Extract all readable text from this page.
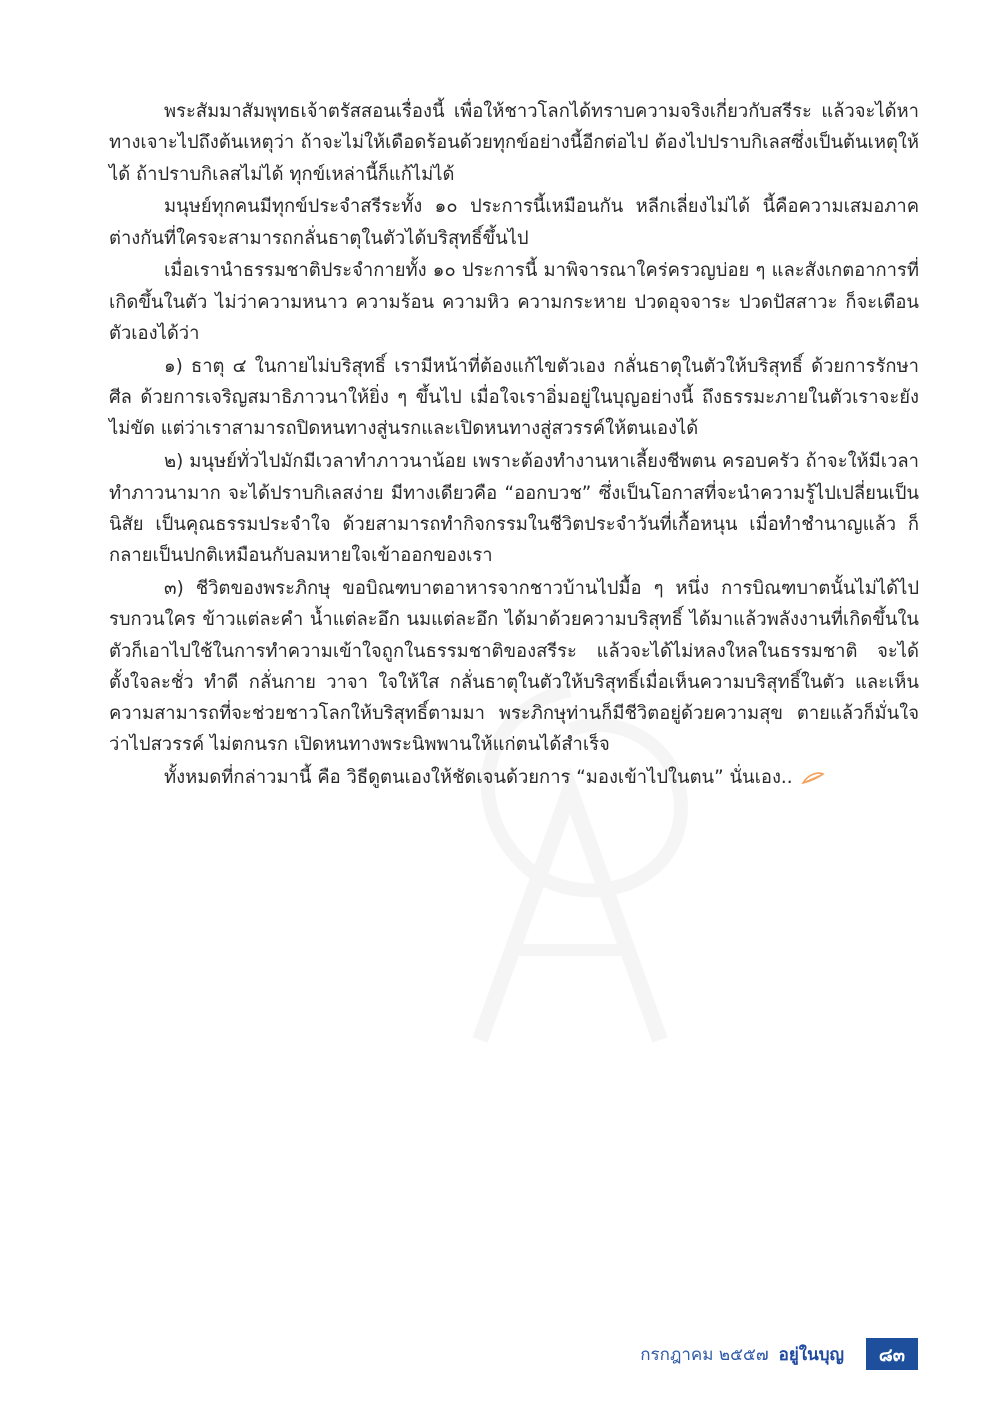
พระสัมมาสัมพุทธเจ้าตรัสสอนเรื่องนี้ เพื่อให้ชาวโลกได้ทราบความจริงเกี่ยวกับสรีระ แล้วจะได้หาทางเจาะไปถึงต้นเหตุว่า ถ้าจะไม่ให้เดือดร้อนด้วยทุกข์อย่างนี้อีกต่อไป ต้องไปปราบกิเลสซึ่งเป็นต้นเหตุให้ได้ ถ้าปราบกิเลสไม่ได้ ทุกข์เหล่านี้ก็แก้ไม่ได้

มนุษย์ทุกคนมีทุกข์ประจำสรีระทั้ง ๑๐ ประการนี้เหมือนกัน หลีกเลี่ยงไม่ได้ นี้คือความเสมอภาค ต่างกันที่ใครจะสามารถกลั่นธาตุในตัวได้บริสุทธิ์ขึ้นไป

เมื่อเรานำธรรมชาติประจำกายทั้ง ๑๐ ประการนี้ มาพิจารณาใคร่ครวญบ่อย ๆ และสังเกตอาการที่เกิดขึ้นในตัว ไม่ว่าความหนาว ความร้อน ความหิว ความกระหาย ปวดอุจจาระ ปวดปัสสาวะ ก็จะเตือนตัวเองได้ว่า

๑) ธาตุ ๔ ในกายไม่บริสุทธิ์ เรามีหน้าที่ต้องแก้ไขตัวเอง กลั่นธาตุในตัวให้บริสุทธิ์ ด้วยการรักษาศีล ด้วยการเจริญสมาธิภาวนาให้ยิ่ง ๆ ขึ้นไป เมื่อใจเราอิ่มอยู่ในบุญอย่างนี้ ถึงธรรมะภายในตัวเราจะยังไม่ขัด แต่ว่าเราสามารถปิดหนทางสู่นรกและเปิดหนทางสู่สวรรค์ให้ตนเองได้

๒) มนุษย์ทั่วไปมักมีเวลาทำภาวนาน้อย เพราะต้องทำงานหาเลี้ยงชีพตน ครอบครัว ถ้าจะให้มีเวลาทำภาวนามาก จะได้ปราบกิเลสง่าย มีทางเดียวคือ “ออกบวช” ซึ่งเป็นโอกาสที่จะนำความรู้ไปเปลี่ยนเป็นนิสัย เป็นคุณธรรมประจำใจ ด้วยสามารถทำกิจกรรมในชีวิตประจำวันที่เกื้อหนุน เมื่อทำชำนาญแล้ว ก็กลายเป็นปกติเหมือนกับลมหายใจเข้าออกของเรา

๓) ชีวิตของพระภิกษุ ขอบิณฑบาตอาหารจากชาวบ้านไปมื้อ ๆ หนึ่ง การบิณฑบาตนั้นไม่ได้ไปรบกวนใคร ข้าวแต่ละคำ น้ำแต่ละอึก นมแต่ละอึก ได้มาด้วยความบริสุทธิ์ ได้มาแล้วพลังงานที่เกิดขึ้นในตัวก็เอาไปใช้ในการทำความเข้าใจถูกในธรรมชาติของสรีระ แล้วจะได้ไม่หลงใหลในธรรมชาติ จะได้ตั้งใจละชั่ว ทำดี กลั่นกาย วาจา ใจให้ใส กลั่นธาตุในตัวให้บริสุทธิ์เมื่อเห็นความบริสุทธิ์ในตัว และเห็นความสามารถที่จะช่วยชาวโลกให้บริสุทธิ์ตามมา พระภิกษุท่านก็มีชีวิตอยู่ด้วยความสุข ตายแล้วก็มั่นใจว่าไปสวรรค์ ไม่ตกนรก เปิดหนทางพระนิพพานให้แก่ตนได้สำเร็จ

ทั้งหมดที่กล่าวมานี้ คือ วิธีดูตนเองให้ชัดเจนด้วยการ “มองเข้าไปในตน” นั่นเอง..

กรกฎาคม ๒๕๕๗ อยู่ในบุญ ๘๓
